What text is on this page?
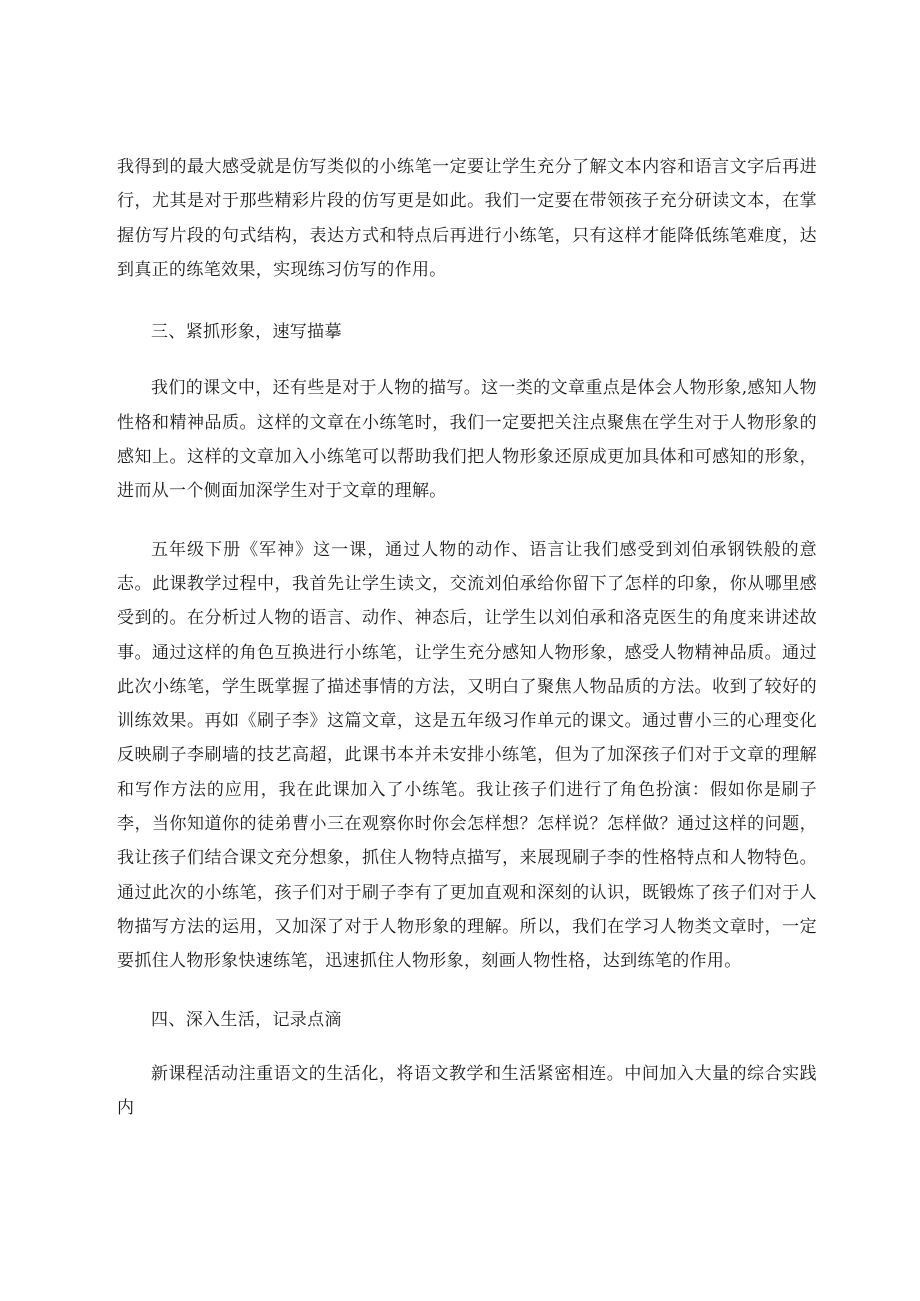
我得到的最大感受就是仿写类似的小练笔一定要让学生充分了解文本内容和语言文字后再进行，尤其是对于那些精彩片段的仿写更是如此。我们一定要在带领孩子充分研读文本，在掌握仿写片段的句式结构，表达方式和特点后再进行小练笔，只有这样才能降低练笔难度，达到真正的练笔效果，实现练习仿写的作用。

三、紧抓形象，速写描摹

我们的课文中，还有些是对于人物的描写。这一类的文章重点是体会人物形象,感知人物性格和精神品质。这样的文章在小练笔时，我们一定要把关注点聚焦在学生对于人物形象的感知上。这样的文章加入小练笔可以帮助我们把人物形象还原成更加具体和可感知的形象，进而从一个侧面加深学生对于文章的理解。

五年级下册《军神》这一课，通过人物的动作、语言让我们感受到刘伯承钢铁般的意志。此课教学过程中，我首先让学生读文，交流刘伯承给你留下了怎样的印象，你从哪里感受到的。在分析过人物的语言、动作、神态后，让学生以刘伯承和洛克医生的角度来讲述故事。通过这样的角色互换进行小练笔，让学生充分感知人物形象，感受人物精神品质。通过此次小练笔，学生既掌握了描述事情的方法，又明白了聚焦人物品质的方法。收到了较好的训练效果。再如《刷子李》这篇文章，这是五年级习作单元的课文。通过曹小三的心理变化反映刷子李刷墙的技艺高超，此课书本并未安排小练笔，但为了加深孩子们对于文章的理解和写作方法的应用，我在此课加入了小练笔。我让孩子们进行了角色扮演：假如你是刷子李，当你知道你的徒弟曹小三在观察你时你会怎样想？怎样说？怎样做？通过这样的问题，我让孩子们结合课文充分想象，抓住人物特点描写，来展现刷子李的性格特点和人物特色。通过此次的小练笔，孩子们对于刷子李有了更加直观和深刻的认识，既锻炼了孩子们对于人物描写方法的运用，又加深了对于人物形象的理解。所以，我们在学习人物类文章时，一定要抓住人物形象快速练笔，迅速抓住人物形象，刻画人物性格，达到练笔的作用。

四、深入生活，记录点滴

新课程活动注重语文的生活化，将语文教学和生活紧密相连。中间加入大量的综合实践内
